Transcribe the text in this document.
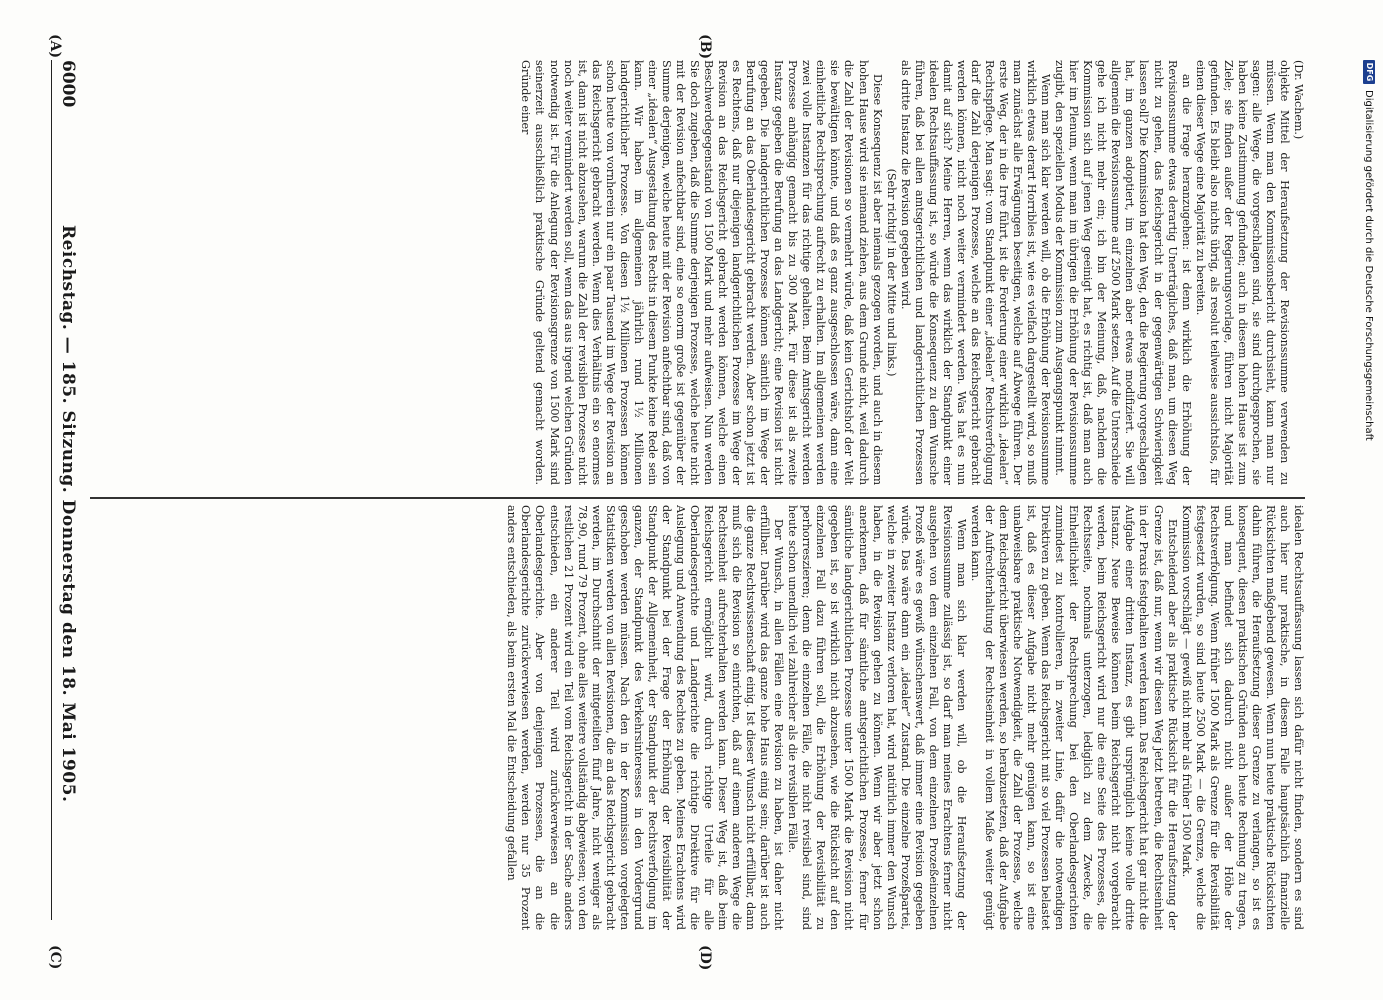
DFG
Digitalisierung gefördert durch die Deutsche Forschungsgemeinschaft
(A)	(B)
(C)	(D)

(Dr. Wachem.)

ohjekte Mittel der Heraufsetzung der Revisionssumme verwenden zu müssen. Wenn man den Kommissionsbericht durchsieht, kann man nur sagen: alle Wege, die vorgeschlagen sind, sie sind durchgesprochen, sie haben keine Zustimmung gefunden; auch in diesem hohen Hause ist zum Ziele; sie finden außer der Regierungsvorlage, führen nicht Majorität gefunden. Es bleibt also nichts übrig, als resolut teilweise aussichtslos, für einen dieser Wege eine Majorität zu bereiten.

an die Frage heranzugehen: ist denn wirklich die Erhöhung der Revisionssumme etwas derartig Unerträgliches, daß man, um diesen Weg nicht zu gehen, das Reichsgericht in der gegenwärtigen Schwierigkeit lassen soll? Die Kommission hat den Weg, den die Regierung vorgeschlagen hat, im ganzen adoptiert, im einzelnen aber etwas modifiziert. Sie will allgemein die Revisionssumme auf 2500 Mark setzen. Auf die Unterschiede gehe ich nicht mehr ein; ich bin der Meinung, daß, nachdem die Kommission sich auf jenen Weg geeinigt hat, es richtig ist, daß man auch hier im Plenum, wenn man im übrigen die Erhöhung der Revisionssumme zugibt, den speziellen Modus der Kommission zum Ausgangspunkt nimmt.

Wenn man sich klar werden will, ob die Erhöhung der Revisionssumme wirklich etwas derart Horribles ist, wie es vielfach dargestellt wird, so muß man zunächst alle Erwägungen beseitigen, welche auf Abwege führen. Der erste Weg, der in die Irre führt, ist die Forderung einer wirklich „idealen“ Rechtspflege. Man sagt: vom Standpunkt einer „idealen“ Rechtsverfolgung darf die Zahl derjenigen Prozesse, welche an das Reichsgericht gebracht werden können, nicht noch weiter vermindert werden. Was hat es nun damit auf sich? Meine Herren, wenn das wirklich der Standpunkt einer idealen Rechtsauffassung ist, so würde die Konsequenz zu dem Wunsche führen, daß bei allen amtsgerichtlichen und landgerichtlichen Prozessen als dritte Instanz die Revision gegeben wird.

(Sehr richtig! in der Mitte und links.)

Diese Konsequenz ist aber niemals gezogen worden, und auch in diesem hohen Hause wird sie niemand ziehen, aus dem Grunde nicht, weil dadurch die Zahl der Revisionen so vermehrt würde, daß kein Gerichtshof der Welt sie bewältigen könnte, und daß es ganz ausgeschlossen wäre, dann eine einheitliche Rechtsprechung aufrecht zu erhalten. Im allgemeinen werden zwei volle Instanzen für das richtige gehalten. Beim Amtsgericht werden Prozesse anhängig gemacht bis zu 300 Mark. Für diese ist als zweite Instanz gegeben die Berufung an das Landgericht; eine Revision ist nicht gegeben. Die landgerichtlichen Prozesse können sämtlich im Wege der Berufung an das Oberlandesgericht gebracht werden. Aber schon jetzt ist es Rechtens, daß nur diejenigen landgerichtlichen Prozesse im Wege der Revision an das Reichsgericht gebracht werden können, welche einen Beschwerdegegenstand von 1500 Mark und mehr aufweisen. Nun werden Sie doch zugeben, daß die Summe derjenigen Prozesse, welche heute nicht mit der Revision anfechtbar sind, eine so enorm große ist gegenüber der Summe derjenigen, welche heute mit der Revision anfechtbar sind, daß von einer „idealen“ Ausgestaltung des Rechts in diesem Punkte keine Rede sein kann. Wir haben im allgemeinen jährlich rund 1½ Millionen landgerichtlicher Prozesse. Von diesen 1½ Millionen Prozessen können schon heute von vornherein nur ein paar Tausend im Wege der Revision an das Reichsgericht gebracht werden. Wenn dies Verhältnis ein so enormes ist, dann ist nicht abzusehen, warum die Zahl der revisiblen Prozesse nicht noch weiter vermindert werden soll, wenn das aus irgend welchen Gründen notwendig ist. Für die Anlegung der Revisionsgrenze von 1500 Mark sind seinerzeit ausschließlich praktische Gründe geltend gemacht worden. Gründe einer

idealen Rechtsauffassung lassen sich dafür nicht finden, sondern es sind auch hier nur praktische, in diesem Falle hauptsächlich finanzielle Rücksichten maßgebend gewesen. Wenn nun heute praktische Rücksichten dahin führen, die Heraufsetzung dieser Grenze zu verlangen, so ist es konsequent, diesen praktischen Gründen auch heute Rechnung zu tragen, und man befindet sich dadurch nicht außer der Höhe der Rechtsverfolgung. Wenn früher 1500 Mark als Grenze für die Revisibilität festgesetzt wurden, so sind heute 2500 Mark — die Grenze, welche die Kommission vorschlägt — gewiß nicht mehr als früher 1500 Mark.

Entscheidend aber als praktische Rücksicht für die Heraufsetzung der Grenze ist, daß nur, wenn wir diesen Weg jetzt betreten, die Rechtseinheit in der Praxis festgehalten werden kann. Das Reichsgericht hat gar nicht die Aufgabe einer dritten Instanz, es gibt ursprünglich keine volle dritte Instanz. Neue Beweise können beim Reichsgericht nicht vorgebracht werden, beim Reichsgericht wird nur die eine Seite des Prozesses, die Rechtsseite, nochmals unterzogen, lediglich zu dem Zwecke, die Einheitlichkeit der Rechtsprechung bei den Oberlandesgerichten zumindest zu kontrollieren, in zweiter Linie, dafür die notwendigen Direktiven zu geben. Wenn das Reichsgericht mit so viel Prozessen belastet ist, daß es dieser Aufgabe nicht mehr genügen kann, so ist eine unabweisbare praktische Notwendigkeit, die Zahl der Prozesse, welche dem Reichsgericht überwiesen werden, so herabzusetzen, daß der Aufgabe der Aufrechterhaltung der Rechtseinheit in vollem Maße weiter genügt werden kann.

Wenn man sich klar werden will, ob die Heraufsetzung der Revisionssumme zulässig ist, so darf man meines Erachtens ferner nicht ausgehen von dem einzelnen Fall, von dem einzelnen Prozeßeinzelnen Prozeß wäre es gewiß wünschenswert, daß immer eine Revision gegeben würde. Das wäre dann ein „idealer“ Zustand. Die einzelne Prozeßpartei, welche in zweiter Instanz verloren hat, wird natürlich immer den Wunsch haben, in die Revision gehen zu können. Wenn wir aber jetzt schon anerkennen, daß für sämtliche amtsgerichtlichen Prozesse, ferner für sämtliche landgerichtlichen Prozesse unter 1500 Mark die Revision nicht gegeben ist, so ist wirklich nicht abzusehen, wie die Rücksicht auf den einzelnen Fall dazu führen soll, die Erhöhung der Revisibilität zu perhorreszieren; denn die einzelnen Fälle, die nicht revisibel sind, sind heute schon unendlich viel zahlreicher als die revisiblen Fälle.

Der Wunsch, in allen Fällen eine Revision zu haben, ist daher nicht erfüllbar. Darüber wird das ganze hohe Haus einig sein; darüber ist auch die ganze Rechtswissenschaft einig. Ist dieser Wunsch nicht erfüllbar, dann muß sich die Revision so einrichten, daß auf einem anderen Wege die Rechtseinheit aufrechterhalten werden kann. Dieser Weg ist, daß beim Reichsgericht ermöglicht wird, durch richtige Urteile für alle Oberlandesgerichte und Landgerichte die richtige Direktive für die Auslegung und Anwendung des Rechtes zu geben. Meines Erachtens wird der Standpunkt bei der Frage der Erhöhung der Revisibilität der Standpunkt der Allgemeinheit, der Standpunkt der Rechtsverfolgung im ganzen, der Standpunkt des Verkehrsinteresses in den Vordergrund geschoben werden müssen. Nach den in der Kommission vorgelegten Statistiken werden von allen Revisionen, die an das Reichsgericht gebracht werden, im Durchschnitt der mitgeteilten fünf Jahre, nicht weniger als 78,90, rund 79 Prozent, ohne alles weitere vollständig abgewiesen; von den restlichen 21 Prozent wird ein Teil vom Reichsgericht in der Sache anders entschieden, ein anderer Teil wird zurückverwiesen an die Oberlandesgerichte. Aber von denjenigen Prozessen, die an die Oberlandesgerichte zurückverwiesen werden, werden nur 35 Prozent anders entschieden, als beim ersten Mal die Entscheidung gefallen

6000
Reichstag. — 185. Sitzung. Donnerstag den 18. Mai 1905.
